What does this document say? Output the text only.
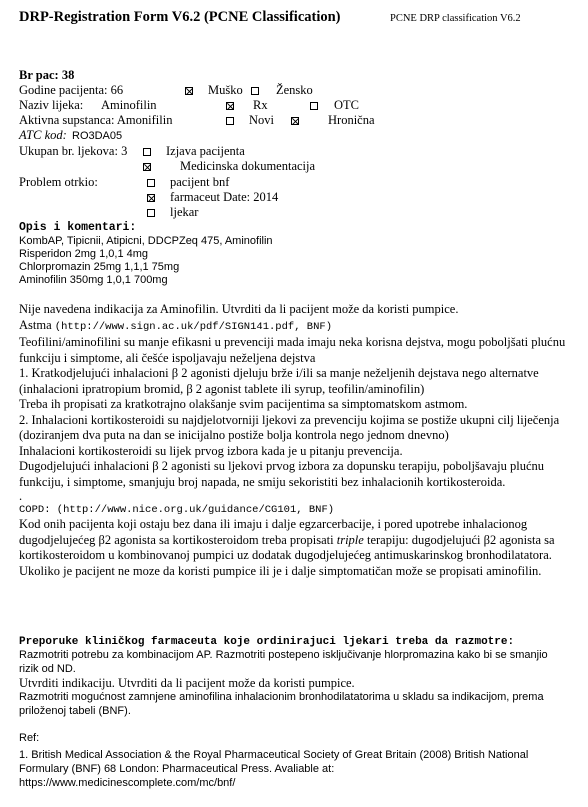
DRP-Registration Form V6.2 (PCNE Classification)	PCNE DRP classification V6.2
Br pac: 38
Godine pacijenta: 66	Muško	Žensko
Naziv lijeka: Aminofilin	Rx	OTC
Aktivna supstanca: Amonifilin	Novi	Hronična
ATC kod: RO3DA05
Ukupan br. ljekova: 3	Izjava pacijenta
Medicinska dokumentacija
Problem otrkio:	pacijent bnf
farmaceut Date: 2014
ljekar
Opis i komentari:
KombAP, Tipicnii, Atipicni, DDCPZeq 475, Aminofilin
Risperidon 2mg 1,0,1 4mg
Chlorpromazin 25mg 1,1,1 75mg
Aminofilin 350mg 1,0,1 700mg

Nije navedena indikacija za Aminofilin. Utvrditi da li pacijent može da koristi pumpice.

Astma (http://www.sign.ac.uk/pdf/SIGN141.pdf, BNF)

Teofilini/aminofilini su manje efikasni u prevenciji mada imaju neka korisna dejstva, mogu poboljšati plućnu funkciju i simptome, ali češće ispoljavaju neželjena dejstva

1. Kratkodjelujući inhalacioni β 2 agonisti djeluju brže i/ili sa manje neželjenih dejstava nego alternatve (inhalacioni ipratropium bromid, β 2 agonist tablete ili syrup, teofilin/aminofilin)

Treba ih propisati za kratkotrajno olakšanje svim pacijentima sa simptomatskom astmom.

2. Inhalacioni kortikosteroidi su najdjelotvorniji ljekovi za prevenciju kojima se postiže ukupni cilj liječenja (doziranjem dva puta na dan se inicijalno postiže bolja kontrola nego jednom dnevno)

Inhalacioni kortikosteroidi su lijek prvog izbora kada je u pitanju prevencija.

Dugodjelujući inhalacioni β 2 agonisti su ljekovi prvog izbora za dopunsku terapiju, poboljšavaju plućnu funkciju, i simptome, smanjuju broj napada, ne smiju sekoristiti bez inhalacionih kortikosteroida.

.

COPD: (http://www.nice.org.uk/guidance/CG101, BNF)

Kod onih pacijenta koji ostaju bez dana ili imaju i dalje egzarcerbacije, i pored upotrebe inhalacionog dugodjelujećeg β2 agonista sa kortikosteroidom treba propisati triple terapiju: dugodjelujući β2 agonista sa kortikosteroidom u kombinovanoj pumpici uz dodatak dugodjelujećeg antimuskarinskog bronhodilatatora.

Ukoliko je pacijent ne moze da koristi pumpice ili je i dalje simptomatičan može se propisati aminofilin.

Preporuke kliničkog farmaceuta koje ordinirajuci ljekari treba da razmotre:
Razmotriti potrebu za kombinacijom AP. Razmotriti postepeno isključivanje hlorpromazina kako bi se smanjio rizik od ND.
Utvrditi indikaciju. Utvrditi da li pacijent može da koristi pumpice.
Razmotriti mogućnost zamnjene aminofilina inhalacionim bronhodilatatorima u skladu sa indikacijom, prema priloženoj tabeli (BNF).
Ref:
1. British Medical Association & the Royal Pharmaceutical Society of Great Britain (2008) British National Formulary (BNF) 68 London: Pharmaceutical Press. Avaliable at: https://www.medicinescomplete.com/mc/bnf/
